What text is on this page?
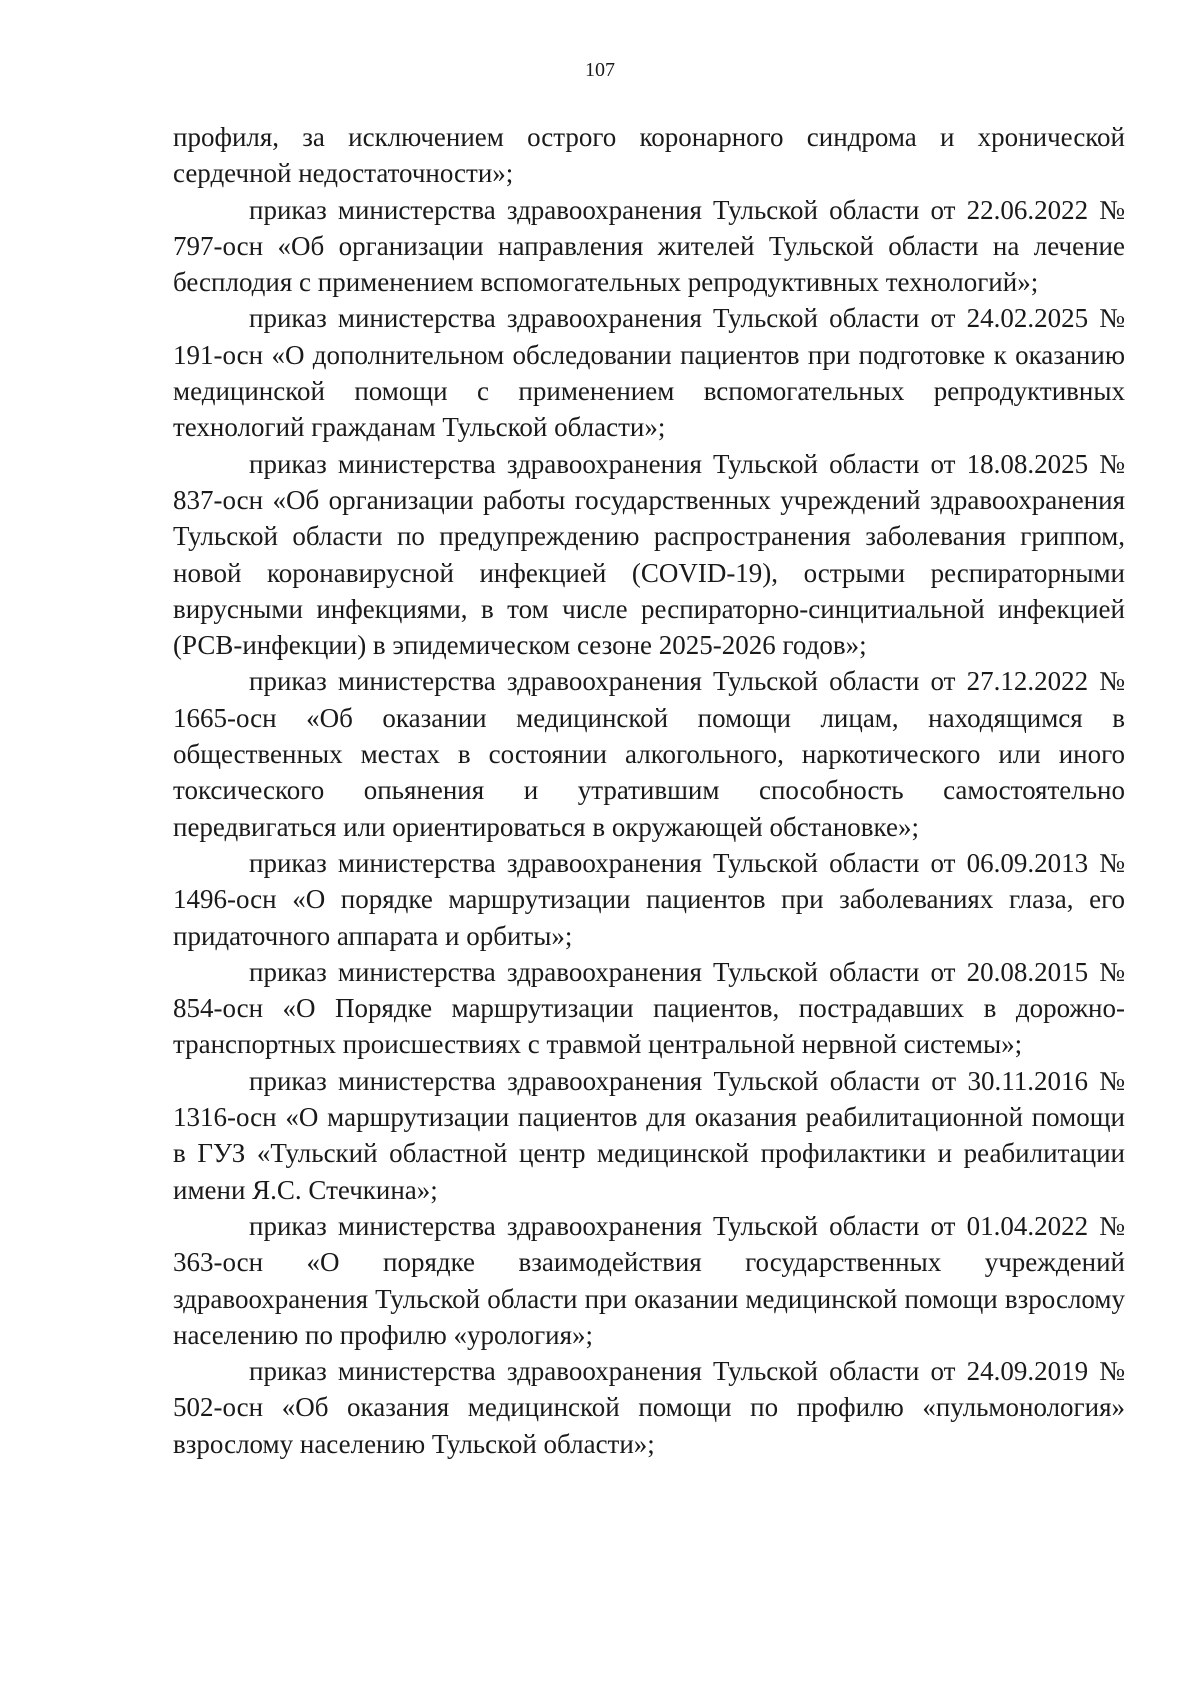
107

профиля, за исключением острого коронарного синдрома и хронической сердечной недостаточности»;

приказ министерства здравоохранения Тульской области от 22.06.2022 № 797-осн «Об организации направления жителей Тульской области на лечение бесплодия с применением вспомогательных репродуктивных технологий»;

приказ министерства здравоохранения Тульской области от 24.02.2025 № 191-осн «О дополнительном обследовании пациентов при подготовке к оказанию медицинской помощи с применением вспомогательных репродуктивных технологий гражданам Тульской области»;

приказ министерства здравоохранения Тульской области от 18.08.2025 № 837-осн «Об организации работы государственных учреждений здравоохранения Тульской области по предупреждению распространения заболевания гриппом, новой коронавирусной инфекцией (COVID-19), острыми респираторными вирусными инфекциями, в том числе респираторно-синцитиальной инфекцией (РСВ-инфекции) в эпидемическом сезоне 2025-2026 годов»;

приказ министерства здравоохранения Тульской области от 27.12.2022 № 1665-осн «Об оказании медицинской помощи лицам, находящимся в общественных местах в состоянии алкогольного, наркотического или иного токсического опьянения и утратившим способность самостоятельно передвигаться или ориентироваться в окружающей обстановке»;

приказ министерства здравоохранения Тульской области от 06.09.2013 № 1496-осн «О порядке маршрутизации пациентов при заболеваниях глаза, его придаточного аппарата и орбиты»;

приказ министерства здравоохранения Тульской области от 20.08.2015 № 854-осн «О Порядке маршрутизации пациентов, пострадавших в дорожно-транспортных происшествиях с травмой центральной нервной системы»;

приказ министерства здравоохранения Тульской области от 30.11.2016 № 1316-осн «О маршрутизации пациентов для оказания реабилитационной помощи в ГУЗ «Тульский областной центр медицинской профилактики и реабилитации имени Я.С. Стечкина»;

приказ министерства здравоохранения Тульской области от 01.04.2022 № 363-осн «О порядке взаимодействия государственных учреждений здравоохранения Тульской области при оказании медицинской помощи взрослому населению по профилю «урология»;

приказ министерства здравоохранения Тульской области от 24.09.2019 № 502-осн «Об оказания медицинской помощи по профилю «пульмонология» взрослому населению Тульской области»;
